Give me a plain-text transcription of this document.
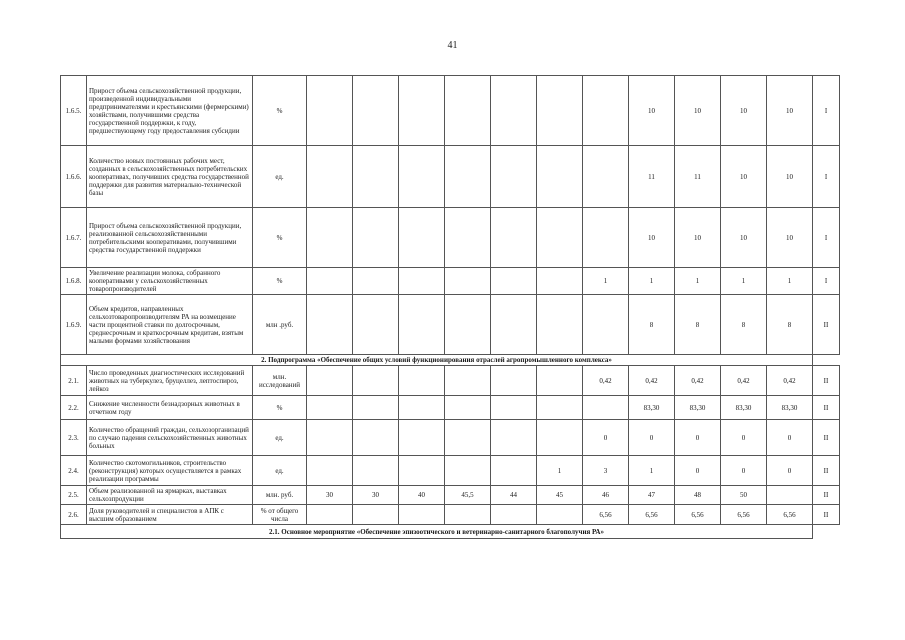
41
1.6.5.	Прирост объема сельскохозяйственной продукции, произведенной индивидуальными предпринимателями и крестьянскими (фермерскими) хозяйствами, получившими средства государственной поддержки, к году, предшествующему году предоставления субсидии	%								10	10	10	10	I
1.6.6.	Количество новых постоянных рабочих мест, созданных в сельскохозяйственных потребительских кооперативах, получивших средства государственной поддержки для развития материально-технической базы	ед.								11	11	10	10	I
1.6.7.	Прирост объема сельскохозяйственной продукции, реализованной сельскохозяйственными потребительскими кооперативами, получившими средства государственной поддержки	%								10	10	10	10	I
1.6.8.	Увеличение реализации молока, собранного кооперативами у сельскохозяйственных товаропроизводителей	%							1	1	1	1	1	I
1.6.9.	Объем кредитов, направленных сельхозтоваропроизводителям РА на возмещение части процентной ставки по долгосрочным, среднесрочным и краткосрочным кредитам, взятым малыми формами хозяйствования	млн .руб.								8	8	8	8	II
2. Подпрограмма «Обеспечение общих условий функционирования отраслей агропромышленного комплекса»														
2.1.	Число проведенных диагностических исследований животных на туберкулез, бруцеллез, лептоспироз, лейкоз	млн. исследований							0,42	0,42	0,42	0,42	0,42	II
2.2.	Снижение численности безнадзорных животных в отчетном году	%								83,30	83,30	83,30	83,30	II
2.3.	Количество обращений граждан, сельхозорганизаций по случаю падения сельскохозяйственных животных больных	ед.							0	0	0	0	0	II
2.4.	Количество скотомогильников, строительство (реконструкция) которых осуществляется в рамках реализации программы	ед.						1	3	1	0	0	0	II
2.5.	Объем реализованной на ярмарках, выставках сельхозпродукции	млн. руб.	30	30	40	45,5	44	45	46	47	48	50		II
2.6.	Доля руководителей и специалистов в АПК с высшим образованием	% от общего числа							6,56	6,56	6,56	6,56	6,56	II
2.1. Основное мероприятие «Обеспечение эпизоотического и ветеринарно-санитарного благополучия РА»														
